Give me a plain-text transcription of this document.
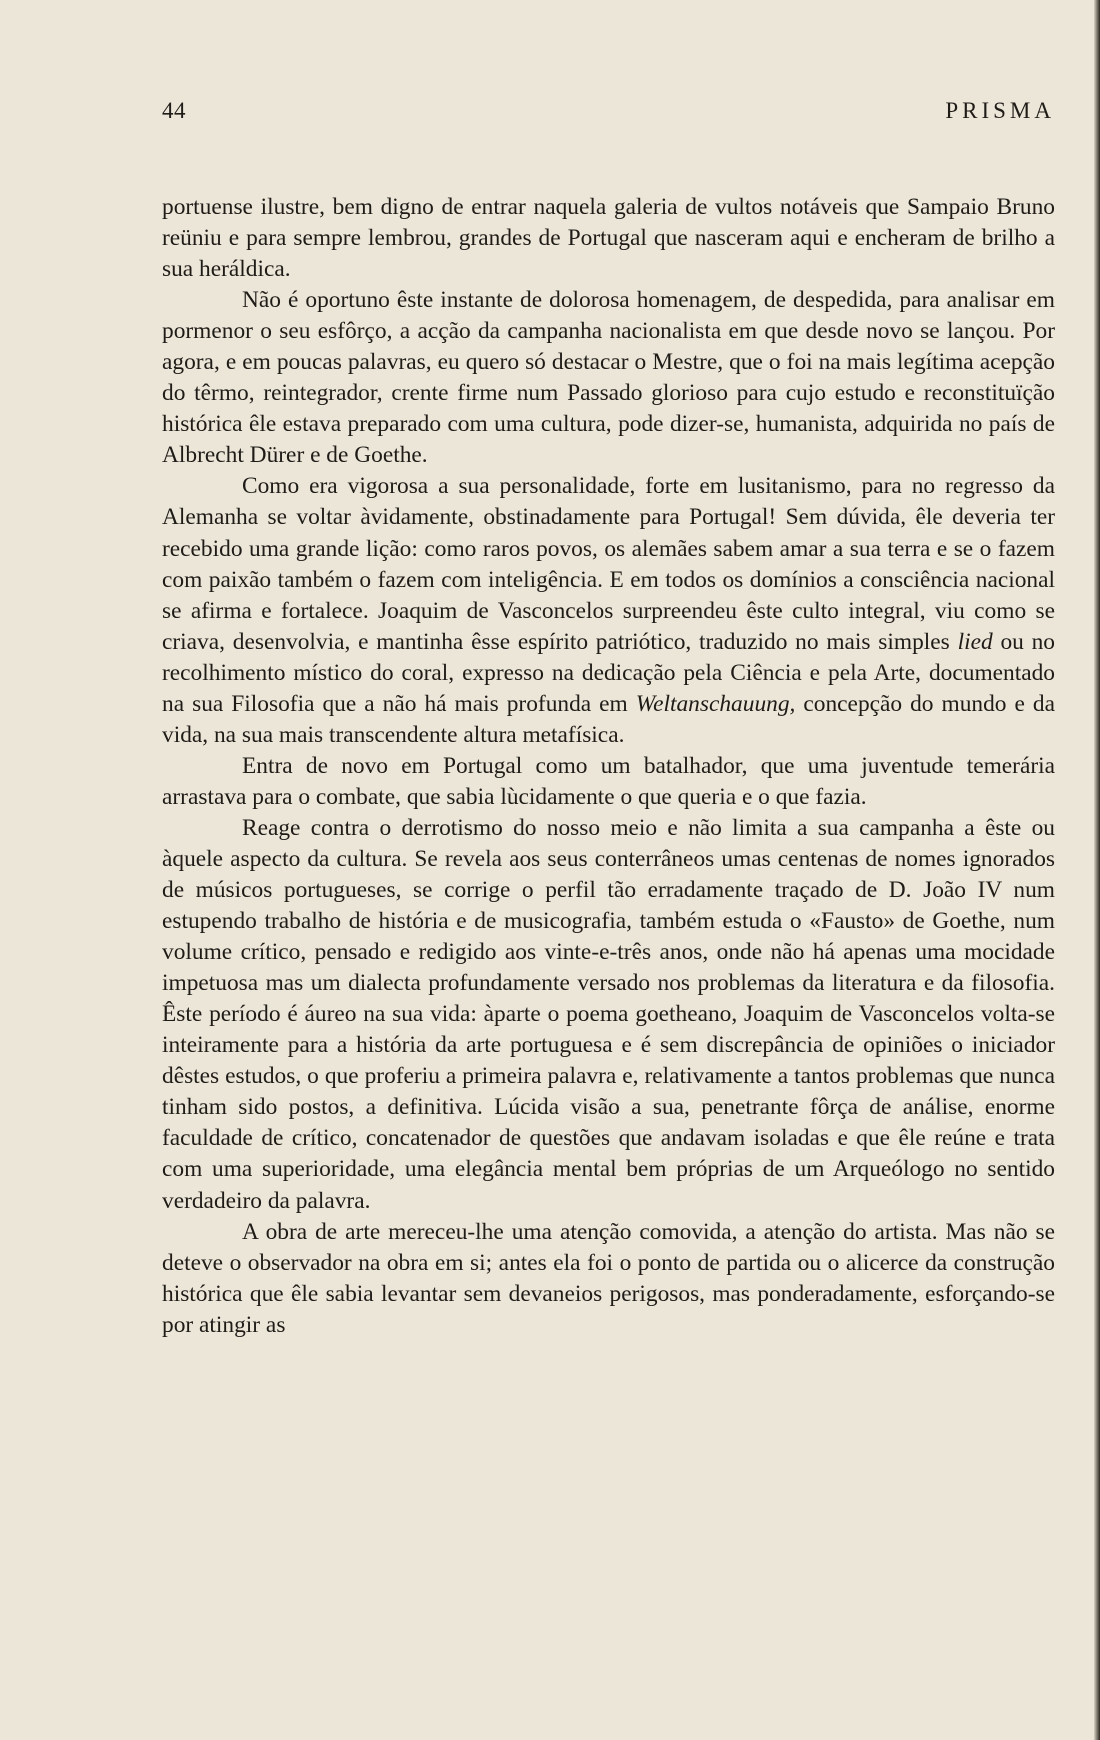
44	PRISMA

portuense ilustre, bem digno de entrar naquela galeria de vultos notáveis que Sampaio Bruno reüniu e para sempre lembrou, grandes de Portugal que nasceram aqui e encheram de brilho a sua heráldica.

Não é oportuno êste instante de dolorosa homenagem, de despedida, para analisar em pormenor o seu esfôrço, a acção da campanha nacionalista em que desde novo se lançou. Por agora, e em poucas palavras, eu quero só destacar o Mestre, que o foi na mais legítima acepção do têrmo, reintegrador, crente firme num Passado glorioso para cujo estudo e reconstituïção histórica êle estava preparado com uma cultura, pode dizer-se, humanista, adquirida no país de Albrecht Dürer e de Goethe.

Como era vigorosa a sua personalidade, forte em lusitanismo, para no regresso da Alemanha se voltar àvidamente, obstinadamente para Portugal! Sem dúvida, êle deveria ter recebido uma grande lição: como raros povos, os alemães sabem amar a sua terra e se o fazem com paixão também o fazem com inteligência. E em todos os domínios a consciência nacional se afirma e fortalece. Joaquim de Vasconcelos surpreendeu êste culto integral, viu como se criava, desenvolvia, e mantinha êsse espírito patriótico, traduzido no mais simples lied ou no recolhimento místico do coral, expresso na dedicação pela Ciência e pela Arte, documentado na sua Filosofia que a não há mais profunda em Weltanschauung, concepção do mundo e da vida, na sua mais transcendente altura metafísica.

Entra de novo em Portugal como um batalhador, que uma juventude temerária arrastava para o combate, que sabia lùcidamente o que queria e o que fazia.

Reage contra o derrotismo do nosso meio e não limita a sua campanha a êste ou àquele aspecto da cultura. Se revela aos seus conterrâneos umas centenas de nomes ignorados de músicos portugueses, se corrige o perfil tão erradamente traçado de D. João IV num estupendo trabalho de história e de musicografia, também estuda o «Fausto» de Goethe, num volume crítico, pensado e redigido aos vinte-e-três anos, onde não há apenas uma mocidade impetuosa mas um dialecta profundamente versado nos problemas da literatura e da filosofia. Êste período é áureo na sua vida: àparte o poema goetheano, Joaquim de Vasconcelos volta-se inteiramente para a história da arte portuguesa e é sem discrepância de opiniões o iniciador dêstes estudos, o que proferiu a primeira palavra e, relativamente a tantos problemas que nunca tinham sido postos, a definitiva. Lúcida visão a sua, penetrante fôrça de análise, enorme faculdade de crítico, concatenador de questões que andavam isoladas e que êle reúne e trata com uma superioridade, uma elegância mental bem próprias de um Arqueólogo no sentido verdadeiro da palavra.

A obra de arte mereceu-lhe uma atenção comovida, a atenção do artista. Mas não se deteve o observador na obra em si; antes ela foi o ponto de partida ou o alicerce da construção histórica que êle sabia levantar sem devaneios perigosos, mas ponderadamente, esforçando-se por atingir as
